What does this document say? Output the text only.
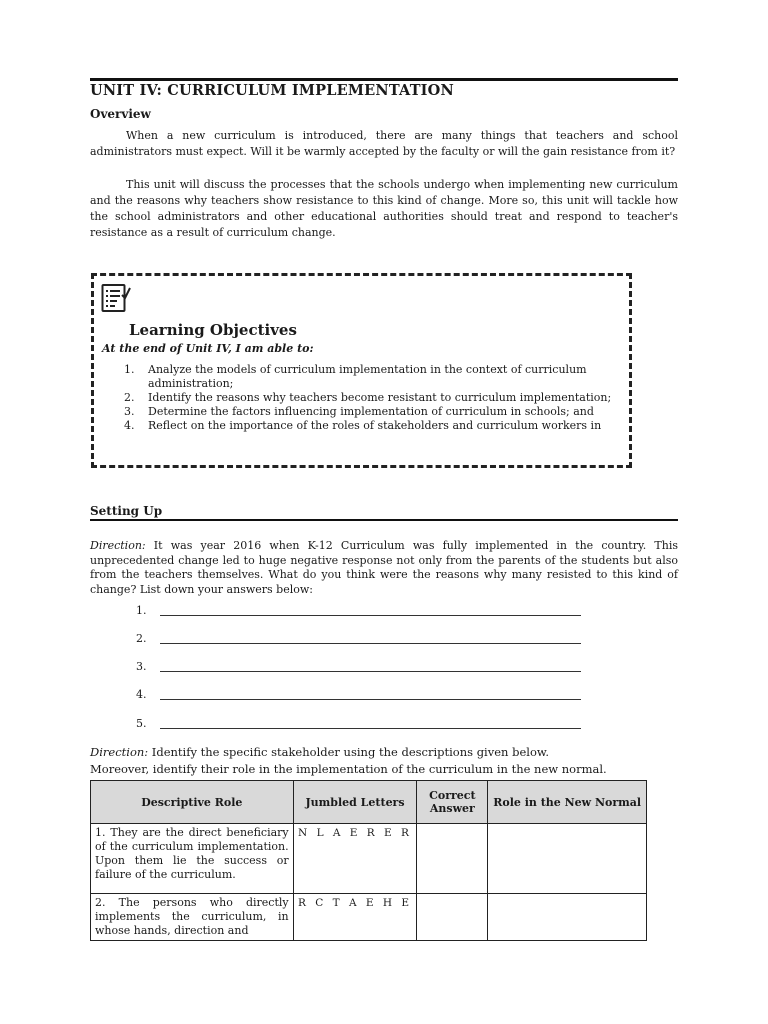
UNIT IV: CURRICULUM IMPLEMENTATION
Overview

When a new curriculum is introduced, there are many things that teachers and school administrators must expect. Will it be warmly accepted by the faculty or will the gain resistance from it?

This unit will discuss the processes that the schools undergo when implementing new curriculum and the reasons why teachers show resistance to this kind of change. More so, this unit will tackle how the school administrators and other educational authorities should treat and respond to teacher's resistance as a result of curriculum change.

Learning Objectives
At the end of Unit IV, I am able to:
1. Analyze the models of curriculum implementation in the context of curriculum administration;
2. Identify the reasons why teachers become resistant to curriculum implementation;
3. Determine the factors influencing implementation of curriculum in schools; and
4. Reflect on the importance of the roles of stakeholders and curriculum workers in
Setting Up

Direction: It was year 2016 when K-12 Curriculum was fully implemented in the country. This unprecedented change led to huge negative response not only from the parents of the students but also from the teachers themselves. What do you think were the reasons why many resisted to this kind of change? List down your answers below:

1.
2.
3.
4.
5.

Direction: Identify the specific stakeholder using the descriptions given below.
Moreover, identify their role in the implementation of the curriculum in the new normal.

Descriptive Role	Jumbled Letters	Correct Answer	Role in the New Normal
1. They are the direct beneficiary of the curriculum implementation. Upon them lie the success or failure of the curriculum.	N L A E R E R		
2. The persons who directly implements the curriculum, in whose hands, direction and	R C T A E H E		
